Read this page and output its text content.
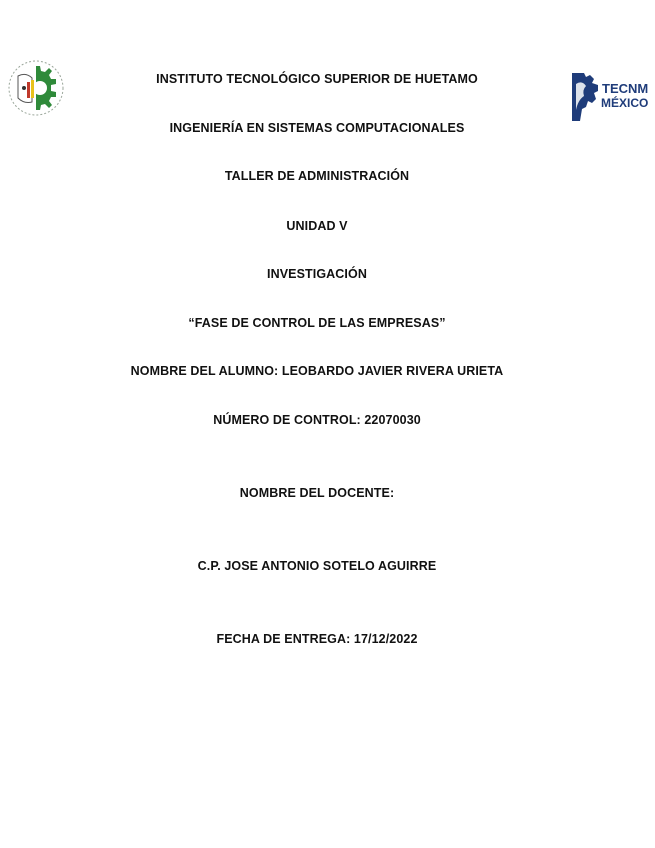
TECNM
MÉXICO
INSTITUTO TECNOLÓGICO SUPERIOR DE HUETAMO
INGENIERÍA EN SISTEMAS COMPUTACIONALES
TALLER DE ADMINISTRACIÓN
UNIDAD V
INVESTIGACIÓN
“FASE DE CONTROL DE LAS EMPRESAS”
NOMBRE DEL ALUMNO: LEOBARDO JAVIER RIVERA URIETA
NÚMERO DE CONTROL: 22070030
NOMBRE DEL DOCENTE:
C.P. JOSE ANTONIO SOTELO AGUIRRE
FECHA DE ENTREGA: 17/12/2022
